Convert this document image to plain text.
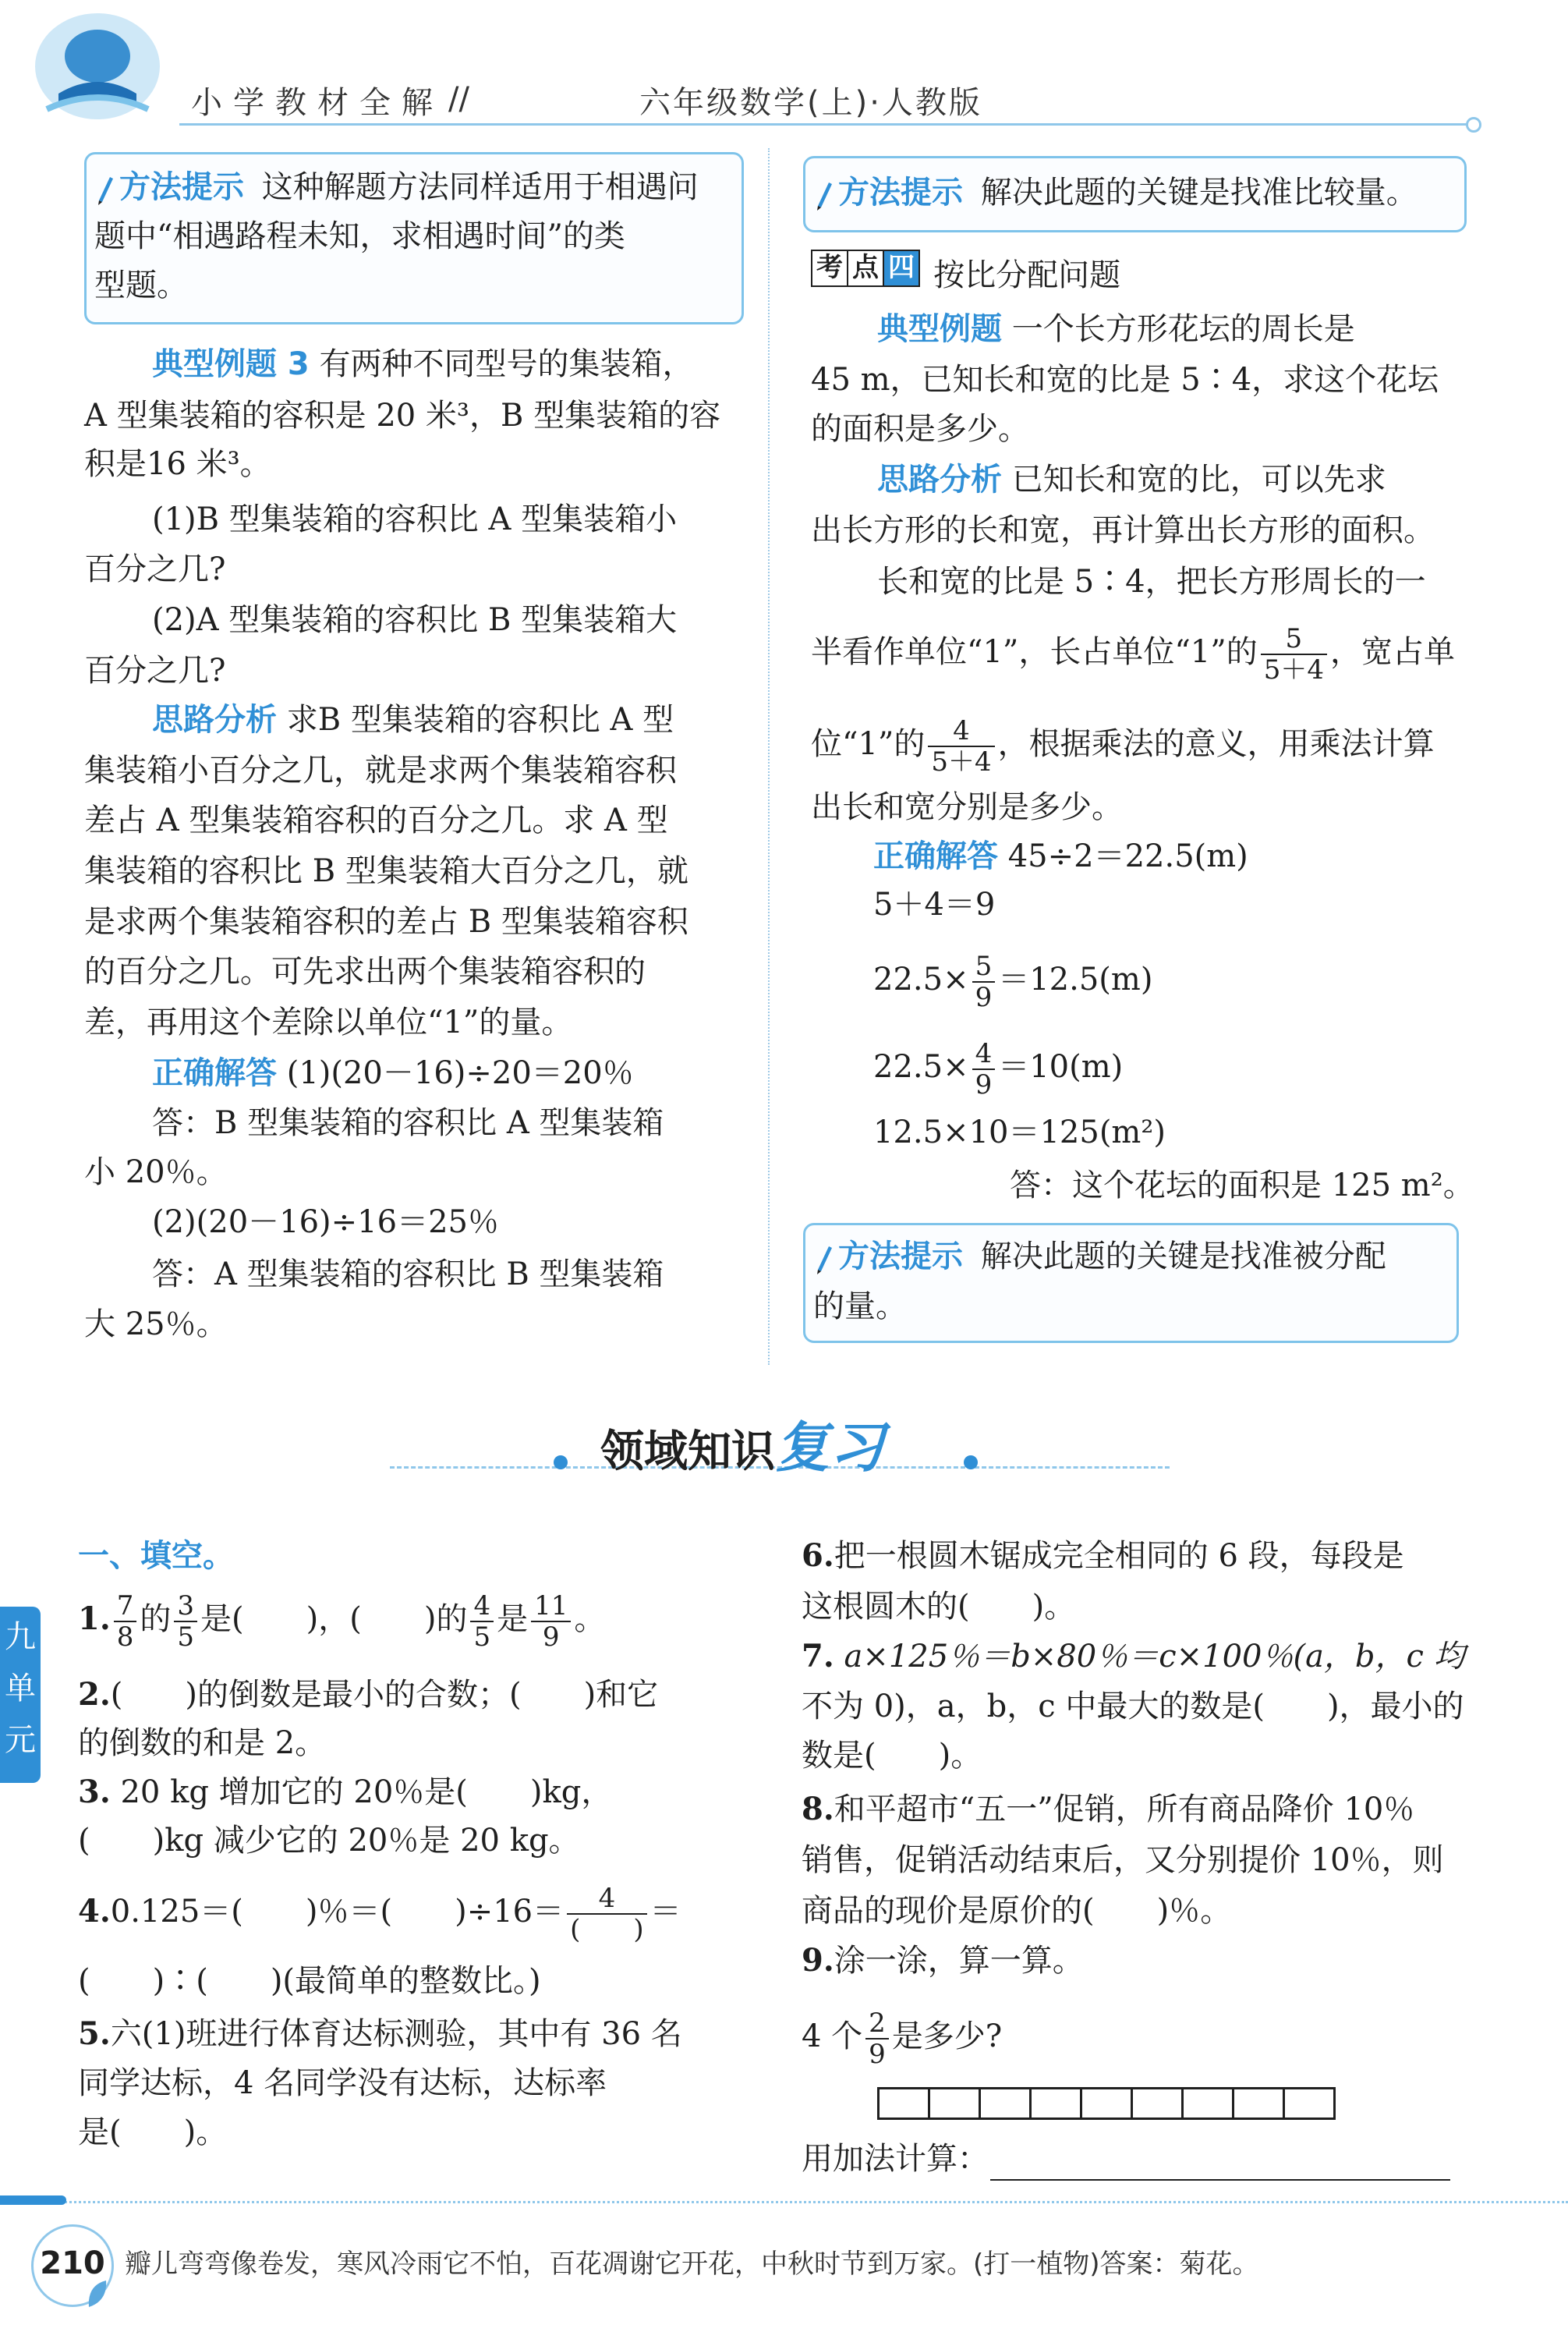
小学教材全解 //	六年级数学(上)·人教版
方法提示 这种解题方法同样适用于相遇问
题中“相遇路程未知，求相遇时间”的类
型题。
典型例题 3 有两种不同型号的集装箱，
A 型集装箱的容积是 20 米³，B 型集装箱的容
积是16 米³。
(1)B 型集装箱的容积比 A 型集装箱小
百分之几?
(2)A 型集装箱的容积比 B 型集装箱大
百分之几?
思路分析 求B 型集装箱的容积比 A 型
集装箱小百分之几，就是求两个集装箱容积
差占 A 型集装箱容积的百分之几。求 A 型
集装箱的容积比 B 型集装箱大百分之几，就
是求两个集装箱容积的差占 B 型集装箱容积
的百分之几。可先求出两个集装箱容积的
差，再用这个差除以单位“1”的量。
正确解答 (1)(20－16)÷20＝20％
答：B 型集装箱的容积比 A 型集装箱
小 20％。
(2)(20－16)÷16＝25％
答：A 型集装箱的容积比 B 型集装箱
大 25％。
方法提示 解决此题的关键是找准比较量。
考 点 四 按比分配问题
典型例题 一个长方形花坛的周长是
45 m，已知长和宽的比是 5∶4，求这个花坛
的面积是多少。
思路分析 已知长和宽的比，可以先求
出长方形的长和宽，再计算出长方形的面积。
长和宽的比是 5∶4，把长方形周长的一
半看作单位“1”，长占单位“1”的 $\frac{5}{5+4}$ ，宽占单
位“1”的 $\frac{4}{5+4}$ ，根据乘法的意义，用乘法计算
出长和宽分别是多少。
正确解答 45÷2＝22.5(m)
5＋4＝9
$22.5\times \frac{5}{9} =12.5(m)$
$22.5\times \frac{4}{9} =10(m)$
12.5×10＝125(m²)
答：这个花坛的面积是 125 m²。
方法提示 解决此题的关键是找准被分配
的量。
领域知识复习
九
单
元
一、填空。
1. $\frac{7}{8}$ 的 $\frac{3}{5}$ 是(　　)，(　　)的 $\frac{4}{5}$ 是 $\frac{11}{9}$ 。
2.(　　)的倒数是最小的合数；(　　)和它
的倒数的和是 2。
3. 20 kg 增加它的 20％是(　　)kg，
(　　)kg 减少它的 20％是 20 kg。
4.0.125＝(　　)％＝(　　)$\div 16= \frac{4}{( )}$ ＝
(　　)∶(　　)(最简单的整数比。)
5.六(1)班进行体育达标测验，其中有 36 名
同学达标，4 名同学没有达标，达标率
是(　　)。
6.把一根圆木锯成完全相同的 6 段，每段是
这根圆木的(　　)。
7. a×125％＝b×80％＝c×100％(a，b，c 均
不为 0)，a，b，c 中最大的数是(　　)，最小的
数是(　　)。
8.和平超市“五一”促销，所有商品降价 10％
销售，促销活动结束后，又分别提价 10％，则
商品的现价是原价的(　　)％。
9.涂一涂，算一算。
4 个 $\frac{2}{9}$ 是多少?
用加法计算：
210 瓣儿弯弯像卷发，寒风冷雨它不怕，百花凋谢它开花，中秋时节到万家。(打一植物)答案：菊花。
